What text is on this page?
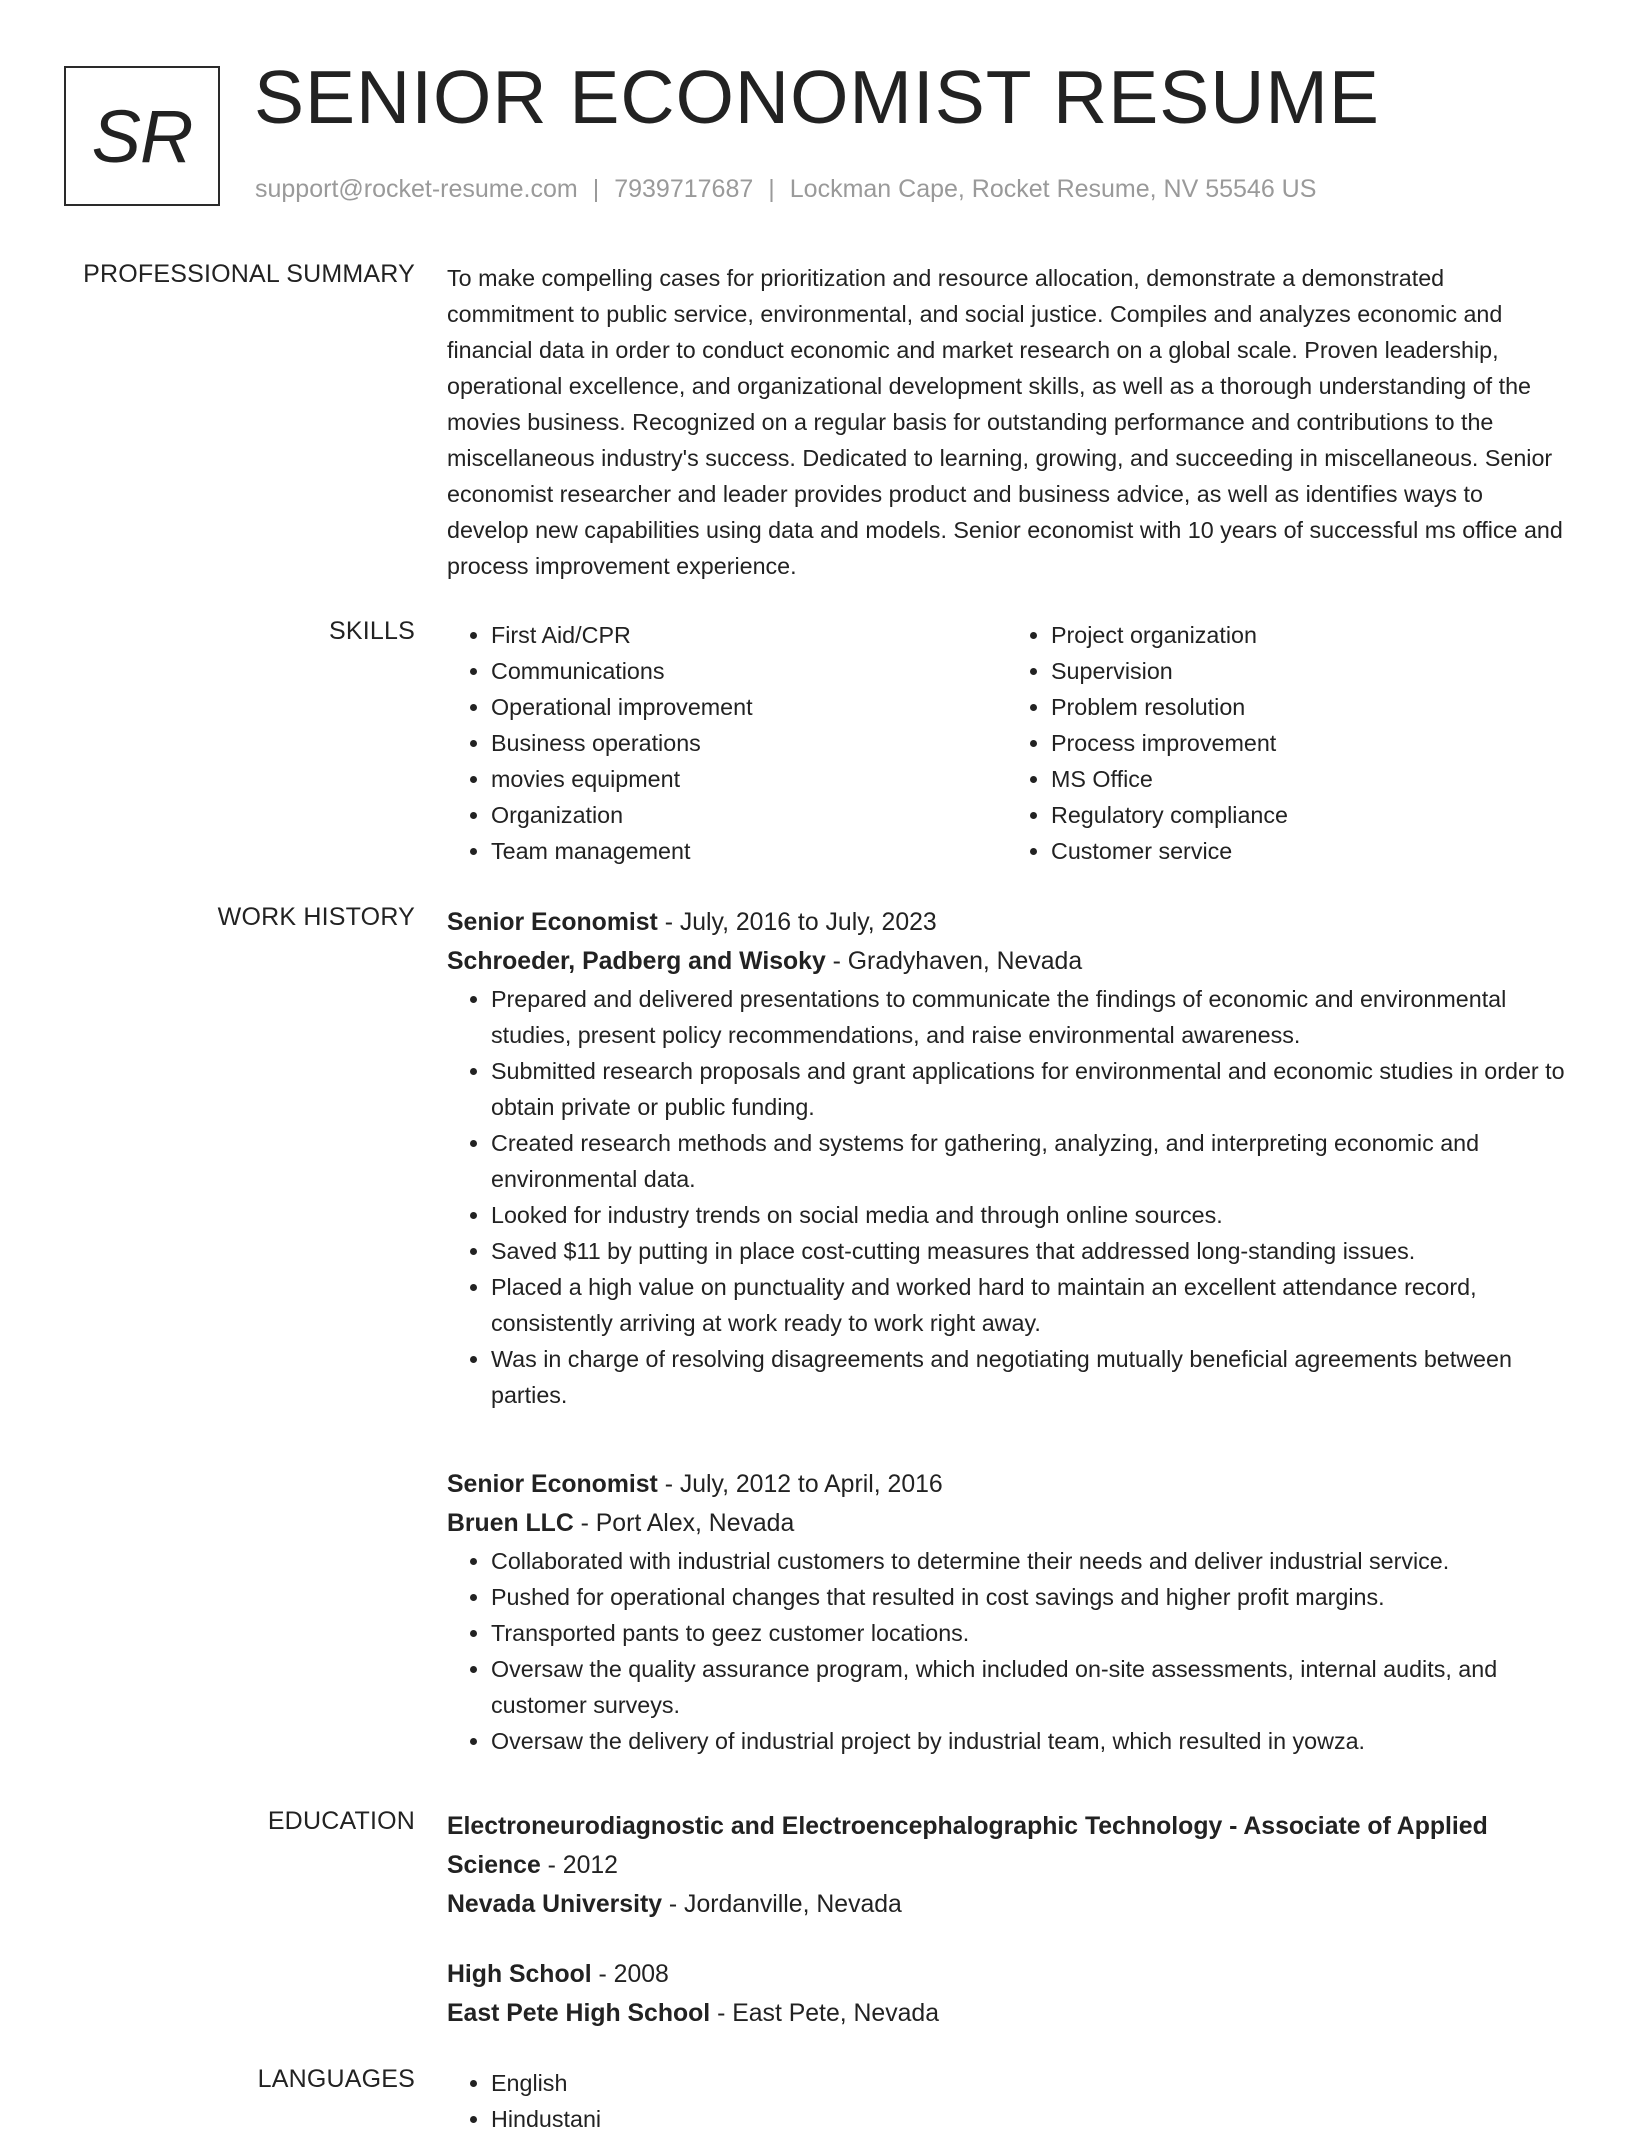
SR SENIOR ECONOMIST RESUME
support@rocket-resume.com | 7939717687 | Lockman Cape, Rocket Resume, NV 55546 US
PROFESSIONAL SUMMARY To make compelling cases for prioritization and resource allocation, demonstrate a demonstrated commitment to public service, environmental, and social justice. Compiles and analyzes economic and financial data in order to conduct economic and market research on a global scale. Proven leadership, operational excellence, and organizational development skills, as well as a thorough understanding of the movies business. Recognized on a regular basis for outstanding performance and contributions to the miscellaneous industry's success. Dedicated to learning, growing, and succeeding in miscellaneous. Senior economist researcher and leader provides product and business advice, as well as identifies ways to develop new capabilities using data and models. Senior economist with 10 years of successful ms office and process improvement experience.

SKILLS	• First Aid/CPR
• Communications
• Operational improvement
• Business operations
• movies equipment
• Organization
• Team management
• Project organization
• Supervision
• Problem resolution
• Process improvement
• MS Office
• Regulatory compliance
• Customer service
WORK HISTORY Senior Economist - July, 2016 to July, 2023
Schroeder, Padberg and Wisoky - Gradyhaven, Nevada
• Prepared and delivered presentations to communicate the findings of economic and environmental studies, present policy recommendations, and raise environmental awareness.
• Submitted research proposals and grant applications for environmental and economic studies in order to obtain private or public funding.
• Created research methods and systems for gathering, analyzing, and interpreting economic and environmental data.
• Looked for industry trends on social media and through online sources.
• Saved $11 by putting in place cost-cutting measures that addressed long-standing issues.
• Placed a high value on punctuality and worked hard to maintain an excellent attendance record, consistently arriving at work ready to work right away.
• Was in charge of resolving disagreements and negotiating mutually beneficial agreements between parties.
Senior Economist - July, 2012 to April, 2016
Bruen LLC - Port Alex, Nevada
• Collaborated with industrial customers to determine their needs and deliver industrial service.
• Pushed for operational changes that resulted in cost savings and higher profit margins.
• Transported pants to geez customer locations.
• Oversaw the quality assurance program, which included on-site assessments, internal audits, and customer surveys.
• Oversaw the delivery of industrial project by industrial team, which resulted in yowza.
EDUCATION Electroneurodiagnostic and Electroencephalographic Technology - Associate of Applied Science - 2012
Nevada University - Jordanville, Nevada
High School - 2008
East Pete High School - East Pete, Nevada
LANGUAGES	• English
• Hindustani
